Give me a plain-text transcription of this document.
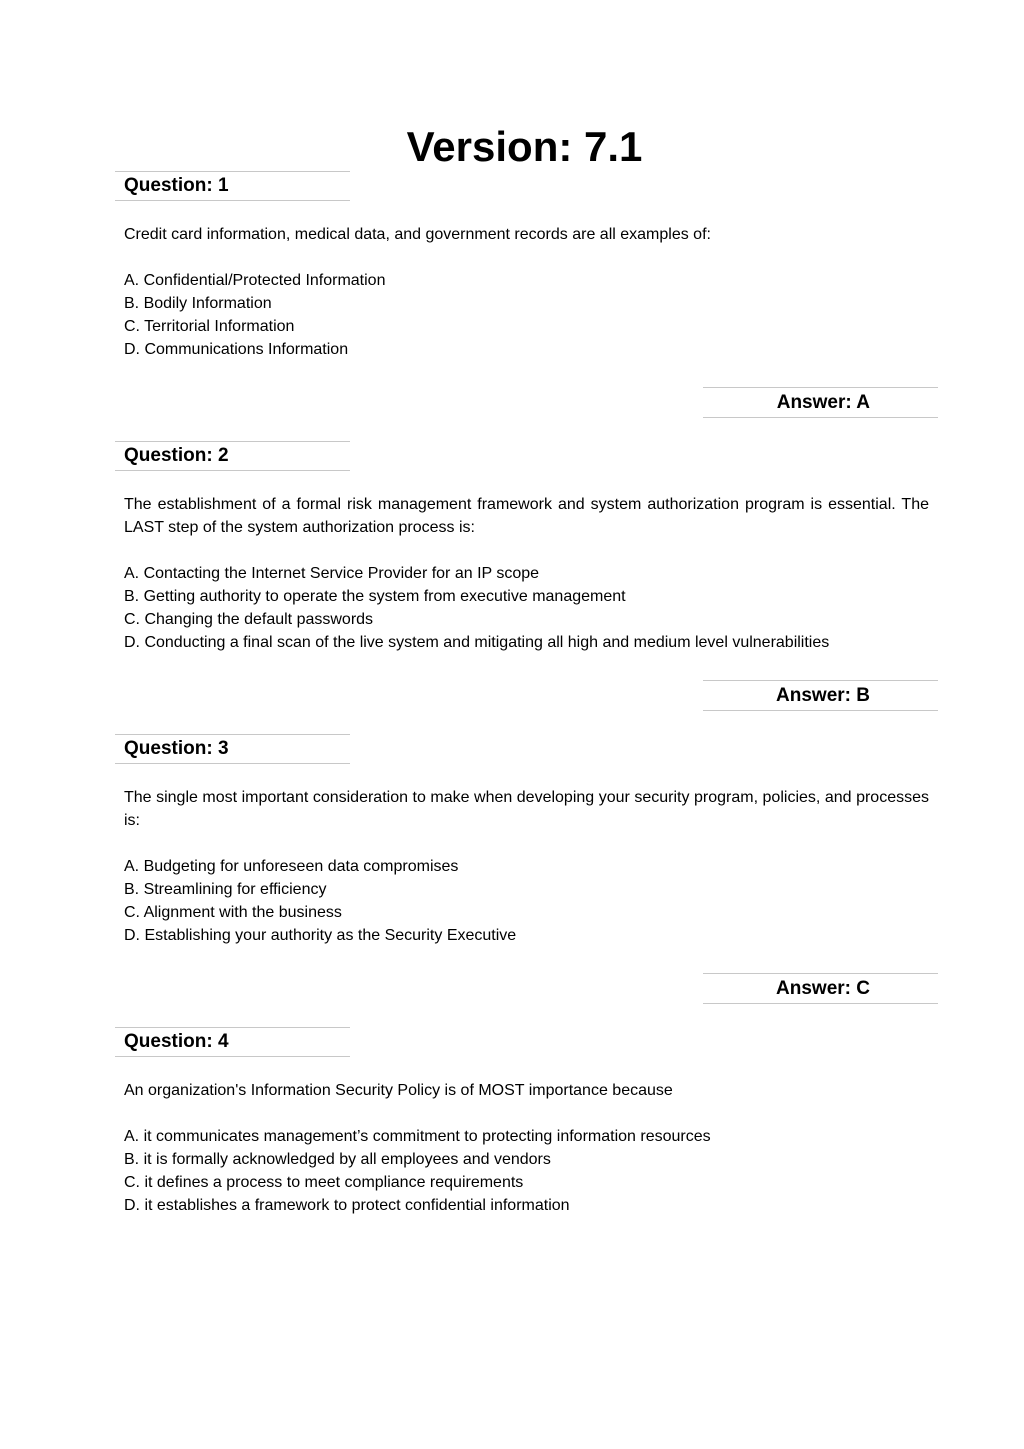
Version: 7.1
Question: 1

Credit card information, medical data, and government records are all examples of:

A. Confidential/Protected Information
B. Bodily Information
C. Territorial Information
D. Communications Information
Answer: A
Question: 2

The establishment of a formal risk management framework and system authorization program is essential. The LAST step of the system authorization process is:

A. Contacting the Internet Service Provider for an IP scope
B. Getting authority to operate the system from executive management
C. Changing the default passwords
D. Conducting a final scan of the live system and mitigating all high and medium level vulnerabilities
Answer: B
Question: 3

The single most important consideration to make when developing your security program, policies, and processes is:

A. Budgeting for unforeseen data compromises
B. Streamlining for efficiency
C. Alignment with the business
D. Establishing your authority as the Security Executive
Answer: C
Question: 4

An organization's Information Security Policy is of MOST importance because

A. it communicates management’s commitment to protecting information resources
B. it is formally acknowledged by all employees and vendors
C. it defines a process to meet compliance requirements
D. it establishes a framework to protect confidential information
